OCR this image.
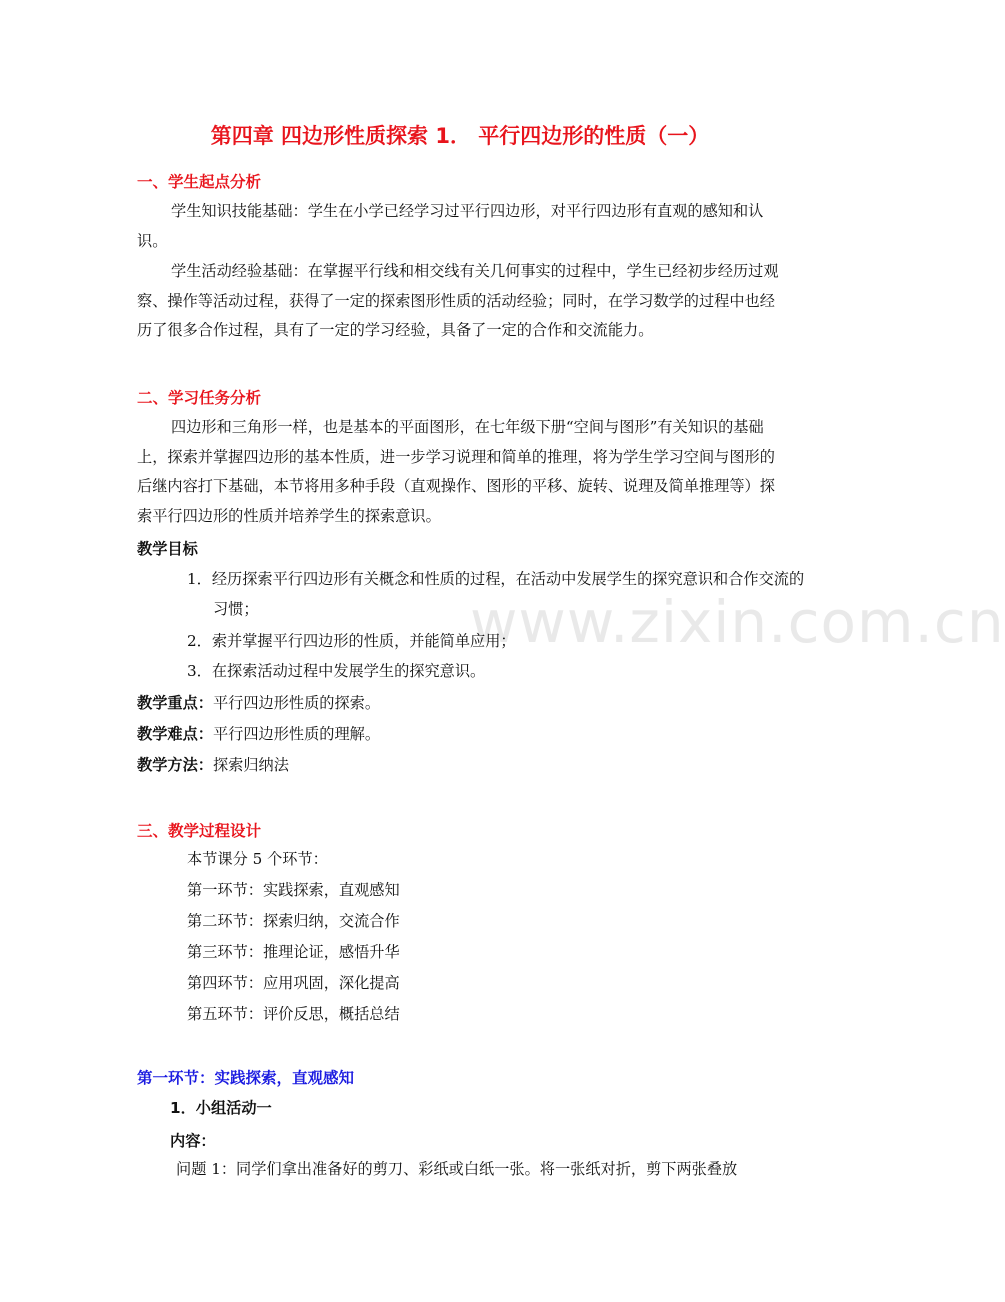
www.zixin.com.cn
第四章 四边形性质探索 1． 平行四边形的性质（一）
一、学生起点分析

学生知识技能基础：学生在小学已经学习过平行四边形，对平行四边形有直观的感知和认识。

学生活动经验基础：在掌握平行线和相交线有关几何事实的过程中，学生已经初步经历过观察、操作等活动过程，获得了一定的探索图形性质的活动经验；同时，在学习数学的过程中也经历了很多合作过程，具有了一定的学习经验，具备了一定的合作和交流能力。

二、学习任务分析

四边形和三角形一样，也是基本的平面图形，在七年级下册“空间与图形”有关知识的基础上，探索并掌握四边形的基本性质，进一步学习说理和简单的推理，将为学生学习空间与图形的后继内容打下基础，本节将用多种手段（直观操作、图形的平移、旋转、说理及简单推理等）探索平行四边形的性质并培养学生的探索意识。

教学目标
1．经历探索平行四边形有关概念和性质的过程，在活动中发展学生的探究意识和合作交流的习惯；
2．索并掌握平行四边形的性质，并能简单应用；
3．在探索活动过程中发展学生的探究意识。
教学重点：平行四边形性质的探索。
教学难点：平行四边形性质的理解。
教学方法：探索归纳法
三、教学过程设计
本节课分 5 个环节：
第一环节：实践探索，直观感知
第二环节：探索归纳，交流合作
第三环节：推理论证，感悟升华
第四环节：应用巩固，深化提高
第五环节：评价反思，概括总结
第一环节：实践探索，直观感知
1．小组活动一
内容：
问题 1：同学们拿出准备好的剪刀、彩纸或白纸一张。将一张纸对折，剪下两张叠放
